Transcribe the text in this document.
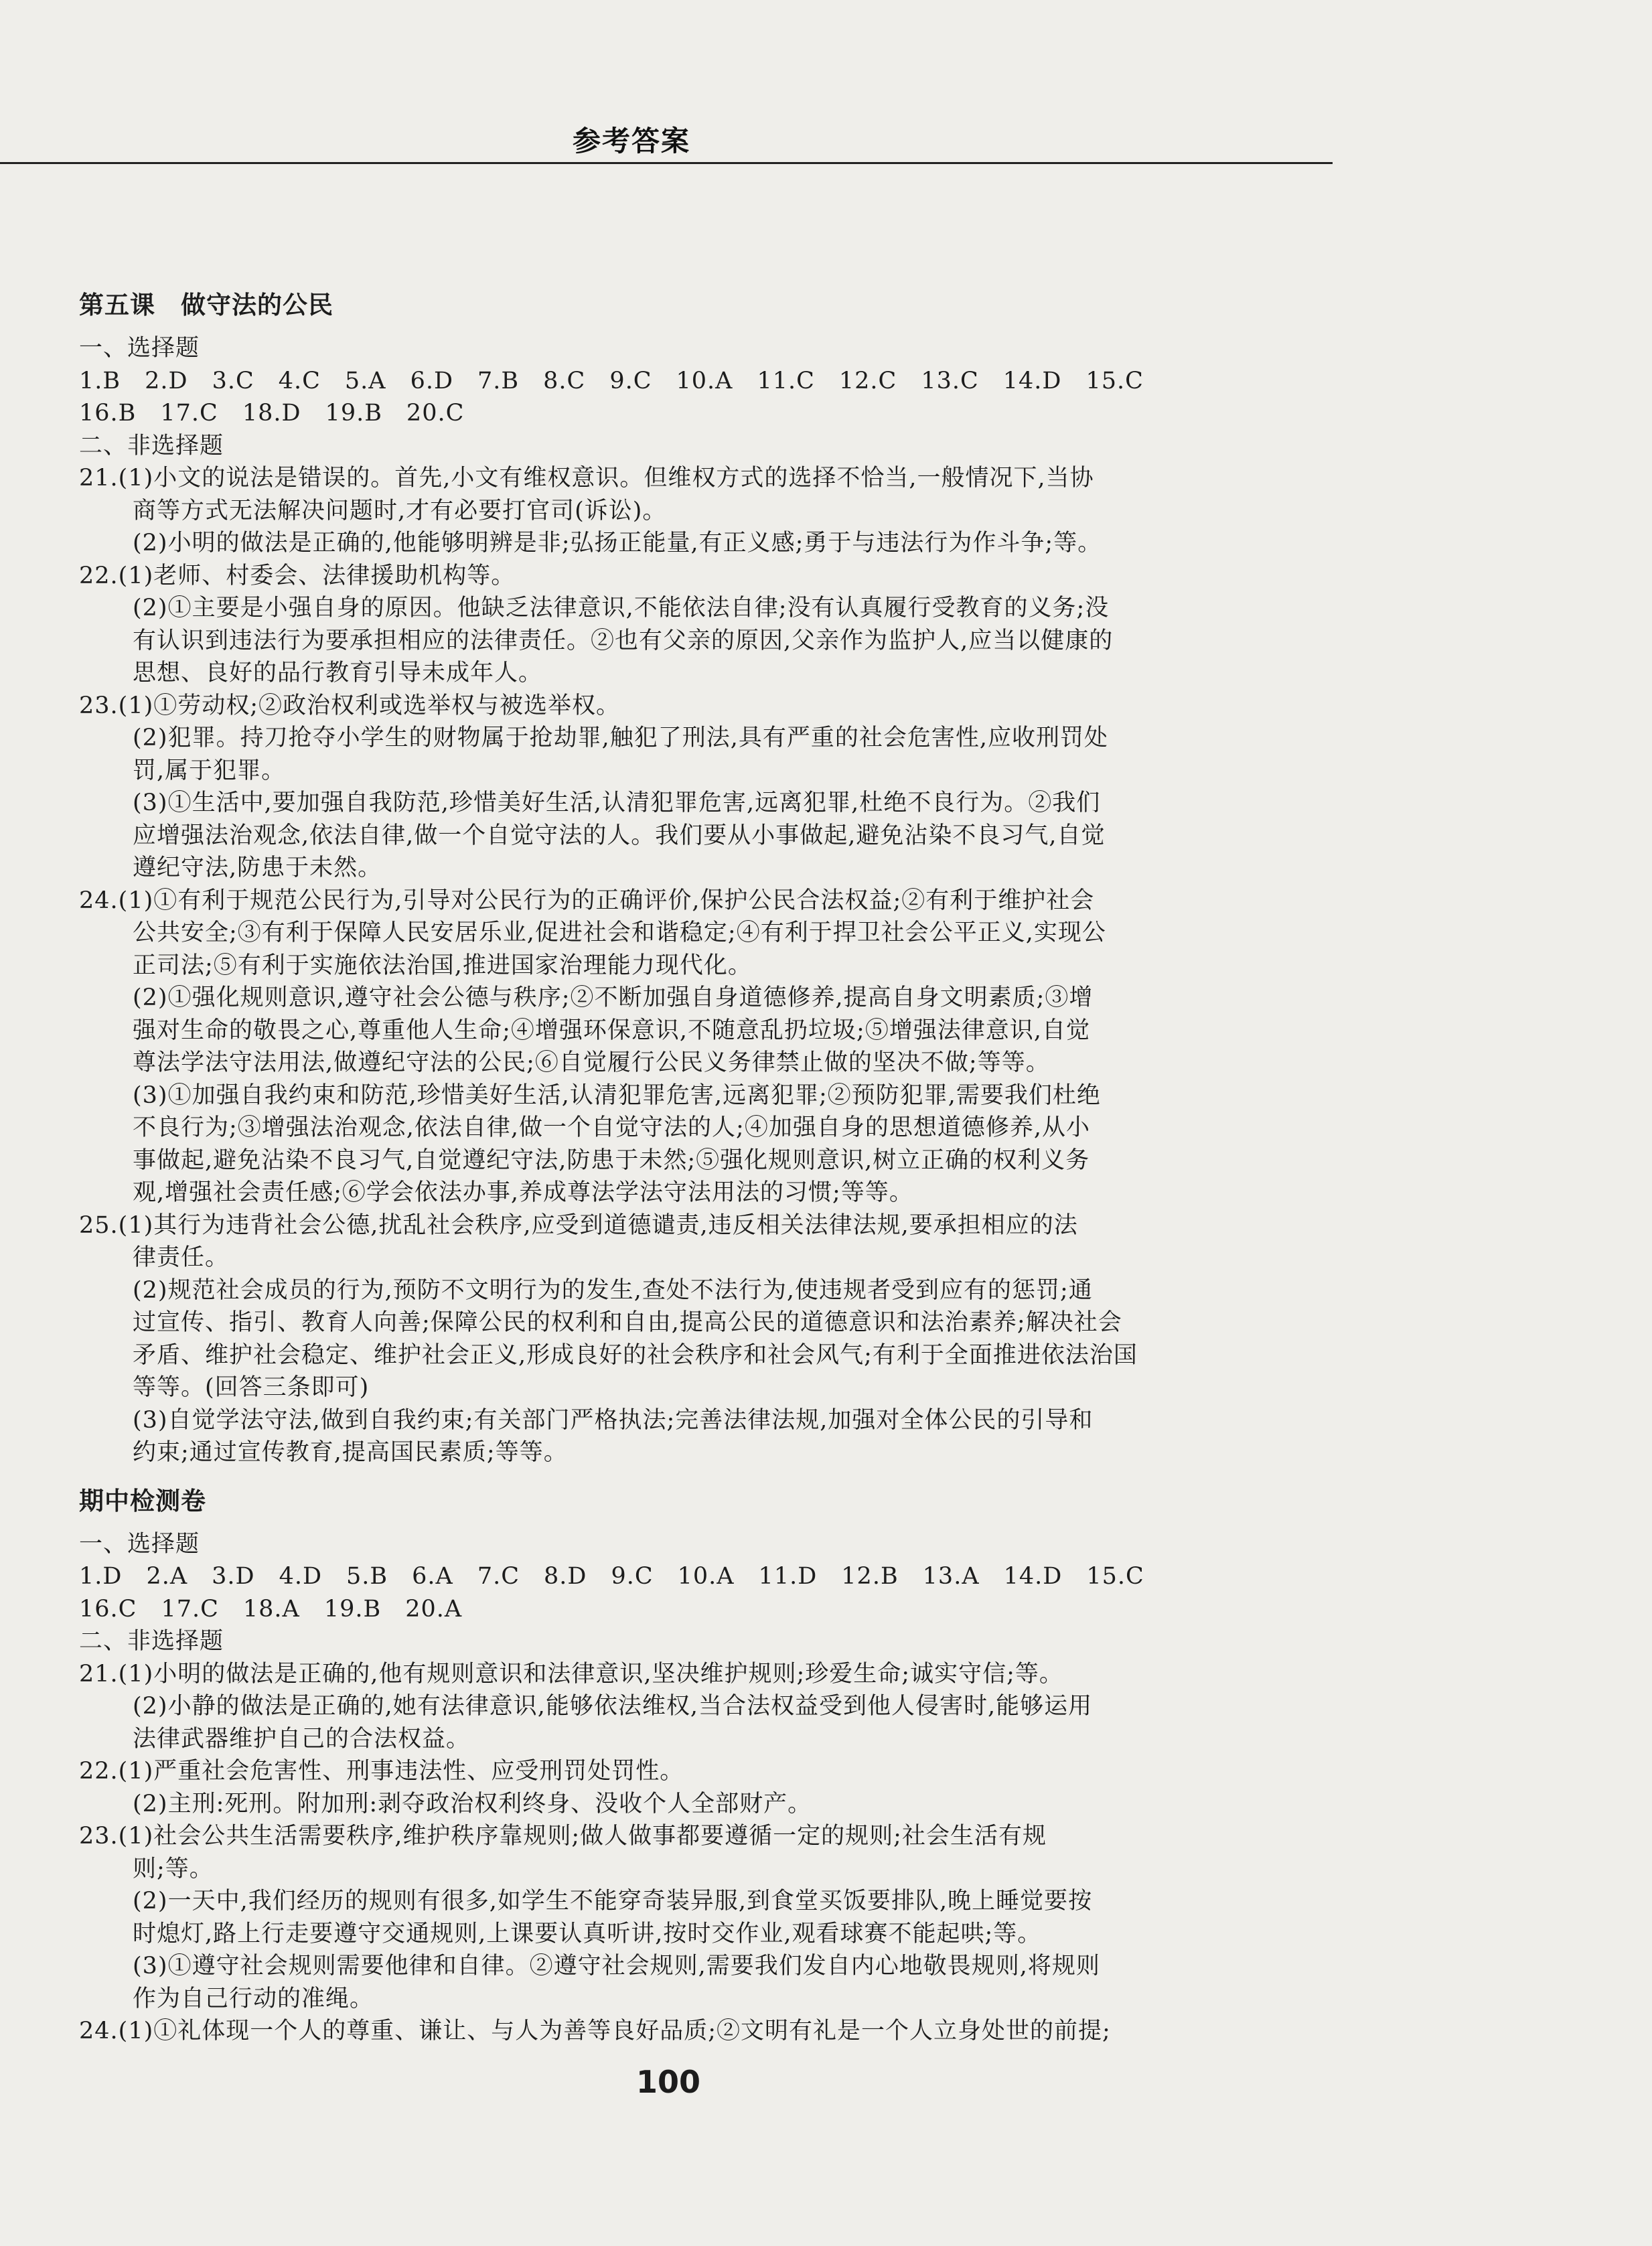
参考答案
第五课　做守法的公民
一、选择题
1.B　2.D　3.C　4.C　5.A　6.D　7.B　8.C　9.C　10.A　11.C　12.C　13.C　14.D　15.C
16.B　17.C　18.D　19.B　20.C
二、非选择题
21.(1)小文的说法是错误的。首先,小文有维权意识。但维权方式的选择不恰当,一般情况下,当协
商等方式无法解决问题时,才有必要打官司(诉讼)。
(2)小明的做法是正确的,他能够明辨是非;弘扬正能量,有正义感;勇于与违法行为作斗争;等。
22.(1)老师、村委会、法律援助机构等。
(2)①主要是小强自身的原因。他缺乏法律意识,不能依法自律;没有认真履行受教育的义务;没
有认识到违法行为要承担相应的法律责任。②也有父亲的原因,父亲作为监护人,应当以健康的
思想、良好的品行教育引导未成年人。
23.(1)①劳动权;②政治权利或选举权与被选举权。
(2)犯罪。持刀抢夺小学生的财物属于抢劫罪,触犯了刑法,具有严重的社会危害性,应收刑罚处
罚,属于犯罪。
(3)①生活中,要加强自我防范,珍惜美好生活,认清犯罪危害,远离犯罪,杜绝不良行为。②我们
应增强法治观念,依法自律,做一个自觉守法的人。我们要从小事做起,避免沾染不良习气,自觉
遵纪守法,防患于未然。
24.(1)①有利于规范公民行为,引导对公民行为的正确评价,保护公民合法权益;②有利于维护社会
公共安全;③有利于保障人民安居乐业,促进社会和谐稳定;④有利于捍卫社会公平正义,实现公
正司法;⑤有利于实施依法治国,推进国家治理能力现代化。
(2)①强化规则意识,遵守社会公德与秩序;②不断加强自身道德修养,提高自身文明素质;③增
强对生命的敬畏之心,尊重他人生命;④增强环保意识,不随意乱扔垃圾;⑤增强法律意识,自觉
尊法学法守法用法,做遵纪守法的公民;⑥自觉履行公民义务律禁止做的坚决不做;等等。
(3)①加强自我约束和防范,珍惜美好生活,认清犯罪危害,远离犯罪;②预防犯罪,需要我们杜绝
不良行为;③增强法治观念,依法自律,做一个自觉守法的人;④加强自身的思想道德修养,从小
事做起,避免沾染不良习气,自觉遵纪守法,防患于未然;⑤强化规则意识,树立正确的权利义务
观,增强社会责任感;⑥学会依法办事,养成尊法学法守法用法的习惯;等等。
25.(1)其行为违背社会公德,扰乱社会秩序,应受到道德谴责,违反相关法律法规,要承担相应的法
律责任。
(2)规范社会成员的行为,预防不文明行为的发生,查处不法行为,使违规者受到应有的惩罚;通
过宣传、指引、教育人向善;保障公民的权利和自由,提高公民的道德意识和法治素养;解决社会
矛盾、维护社会稳定、维护社会正义,形成良好的社会秩序和社会风气;有利于全面推进依法治国
等等。(回答三条即可)
(3)自觉学法守法,做到自我约束;有关部门严格执法;完善法律法规,加强对全体公民的引导和
约束;通过宣传教育,提高国民素质;等等。
期中检测卷
一、选择题
1.D　2.A　3.D　4.D　5.B　6.A　7.C　8.D　9.C　10.A　11.D　12.B　13.A　14.D　15.C
16.C　17.C　18.A　19.B　20.A
二、非选择题
21.(1)小明的做法是正确的,他有规则意识和法律意识,坚决维护规则;珍爱生命;诚实守信;等。
(2)小静的做法是正确的,她有法律意识,能够依法维权,当合法权益受到他人侵害时,能够运用
法律武器维护自己的合法权益。
22.(1)严重社会危害性、刑事违法性、应受刑罚处罚性。
(2)主刑:死刑。附加刑:剥夺政治权利终身、没收个人全部财产。
23.(1)社会公共生活需要秩序,维护秩序靠规则;做人做事都要遵循一定的规则;社会生活有规
则;等。
(2)一天中,我们经历的规则有很多,如学生不能穿奇装异服,到食堂买饭要排队,晚上睡觉要按
时熄灯,路上行走要遵守交通规则,上课要认真听讲,按时交作业,观看球赛不能起哄;等。
(3)①遵守社会规则需要他律和自律。②遵守社会规则,需要我们发自内心地敬畏规则,将规则
作为自己行动的准绳。
24.(1)①礼体现一个人的尊重、谦让、与人为善等良好品质;②文明有礼是一个人立身处世的前提;
100
